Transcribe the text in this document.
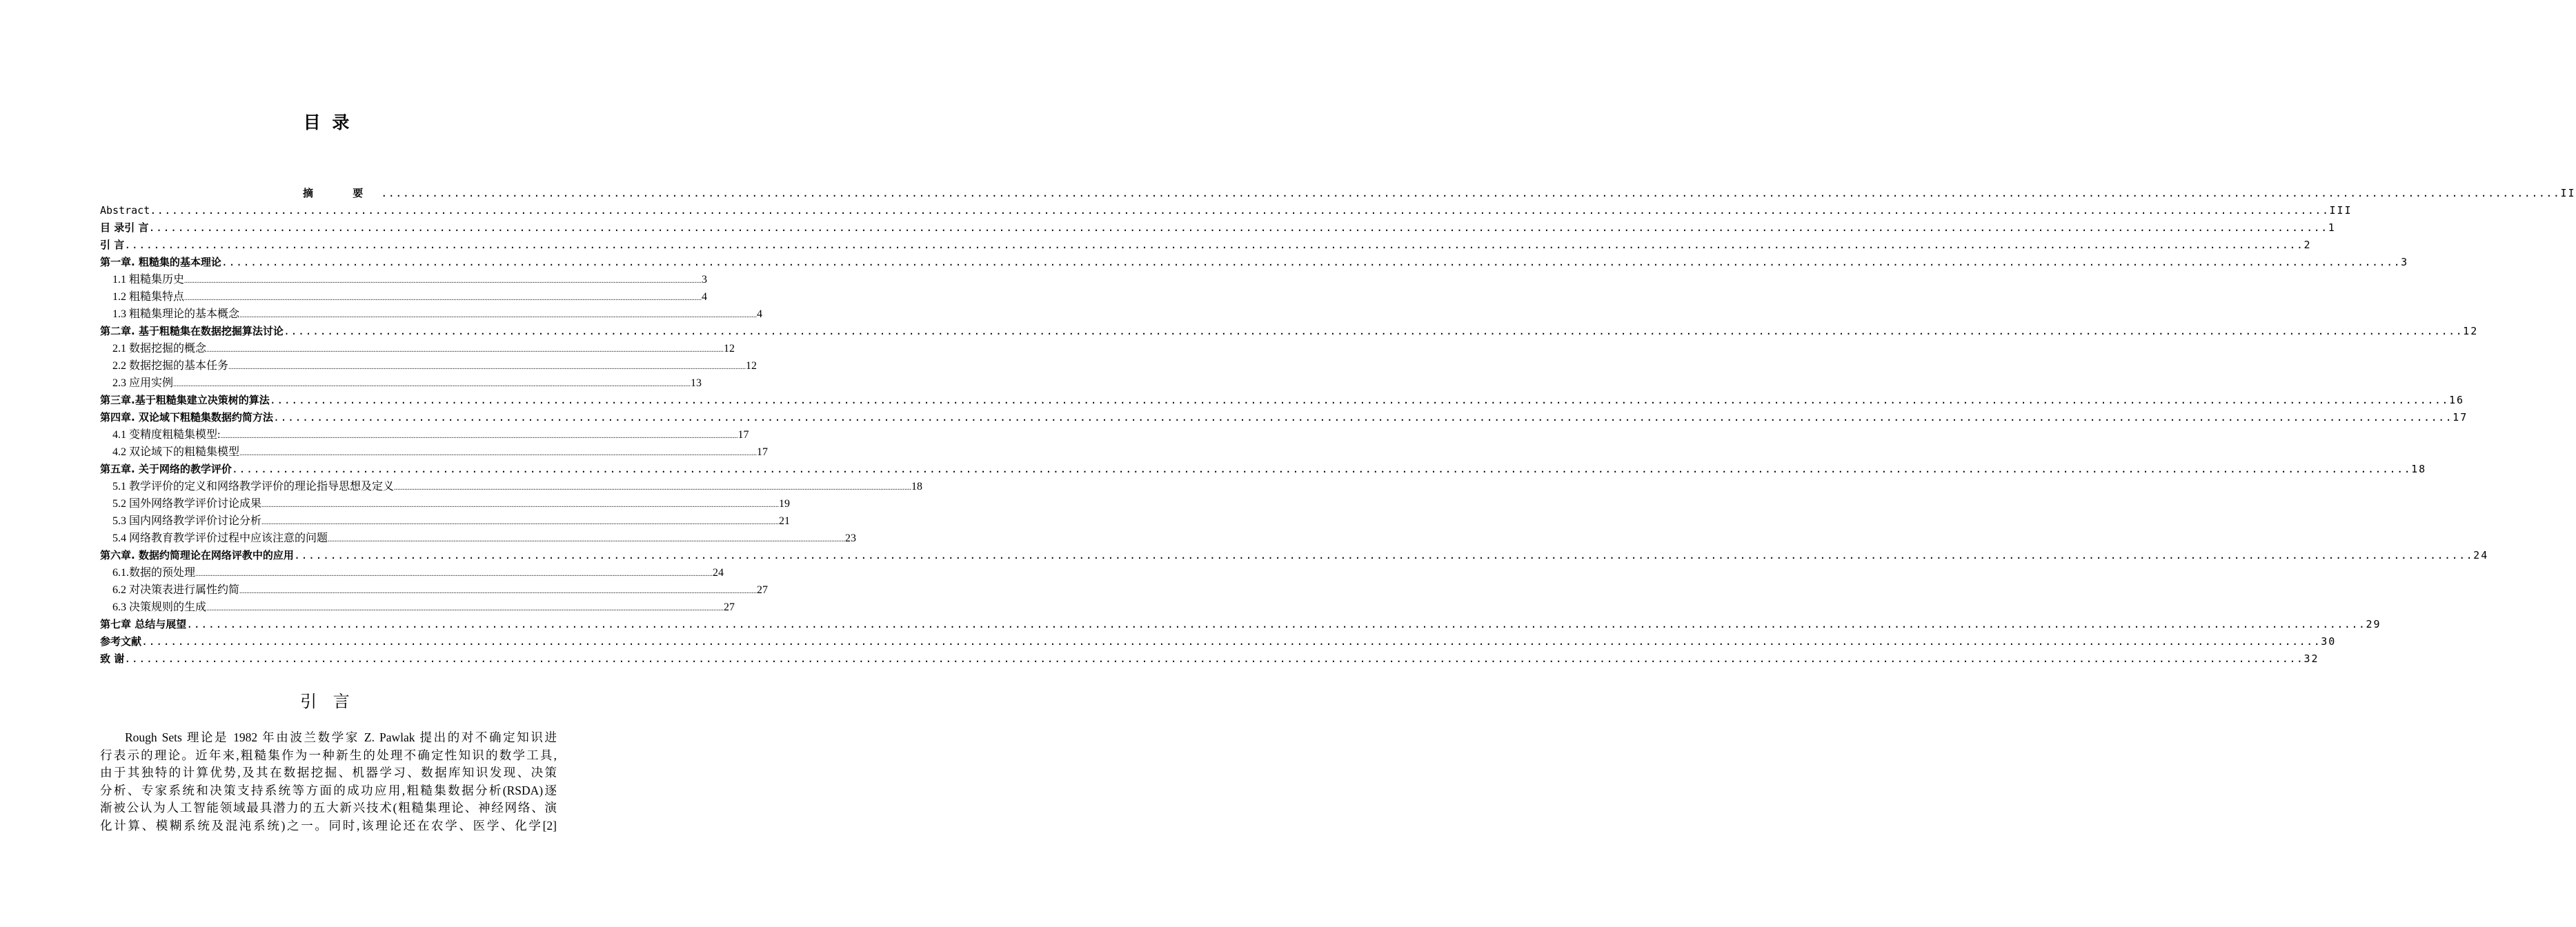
目 录
摘 要 ............................................................................................................................................................................................................................................................................................................ II
Abstract ............................................................................................................................................................................................................................................................................................................ III
目 录引 言 ............................................................................................................................................................................................................................................................................................................ 1
引 言 ............................................................................................................................................................................................................................................................................................................ 2
第一章. 粗糙集的基本理论 ............................................................................................................................................................................................................................................................................................................ 3
1.1 粗糙集历史 ............................................................................................................................................................................................................................................................................................................ 3
1.2 粗糙集特点 ............................................................................................................................................................................................................................................................................................................ 4
1.3 粗糙集理论的基本概念 ............................................................................................................................................................................................................................................................................................................ 4
第二章. 基于粗糙集在数据挖掘算法讨论 ............................................................................................................................................................................................................................................................................................................ 12
2.1 数据挖掘的概念 ............................................................................................................................................................................................................................................................................................................ 12
2.2 数据挖掘的基本任务 ............................................................................................................................................................................................................................................................................................................ 12
2.3 应用实例 ............................................................................................................................................................................................................................................................................................................ 13
第三章.基于粗糙集建立决策树的算法 ............................................................................................................................................................................................................................................................................................................ 16
第四章. 双论域下粗糙集数据约简方法 ............................................................................................................................................................................................................................................................................................................ 17
4.1 变精度粗糙集模型: ............................................................................................................................................................................................................................................................................................................ 17
4.2 双论域下的粗糙集模型 ............................................................................................................................................................................................................................................................................................................ 17
第五章. 关于网络的教学评价 ............................................................................................................................................................................................................................................................................................................ 18
5.1 教学评价的定义和网络教学评价的理论指导思想及定义 ............................................................................................................................................................................................................................................................................................................ 18
5.2 国外网络教学评价讨论成果 ............................................................................................................................................................................................................................................................................................................ 19
5.3 国内网络教学评价讨论分析 ............................................................................................................................................................................................................................................................................................................ 21
5.4 网络教育教学评价过程中应该注意的问题 ............................................................................................................................................................................................................................................................................................................ 23
第六章. 数据约简理论在网络评教中的应用 ............................................................................................................................................................................................................................................................................................................ 24
6.1.数据的预处理 ............................................................................................................................................................................................................................................................................................................ 24
6.2 对决策表进行属性约简 ............................................................................................................................................................................................................................................................................................................ 27
6.3 决策规则的生成 ............................................................................................................................................................................................................................................................................................................ 27
第七章 总结与展望 ............................................................................................................................................................................................................................................................................................................ 29
参考文献 ............................................................................................................................................................................................................................................................................................................ 30
致 谢 ............................................................................................................................................................................................................................................................................................................ 32
引 言
Rough Sets 理论是 1982 年由波兰数学家 Z. Pawlak 提出的对不确定知识进
行表示的理论。近年来,粗糙集作为一种新生的处理不确定性知识的数学工具,
由于其独特的计算优势,及其在数据挖掘、机器学习、数据库知识发现、决策
分析、专家系统和决策支持系统等方面的成功应用,粗糙集数据分析(RSDA)逐
渐被公认为人工智能领域最具潜力的五大新兴技术(粗糙集理论、神经网络、演
化计算、模糊系统及混沌系统)之一。同时,该理论还在农学、医学、化学[2]
